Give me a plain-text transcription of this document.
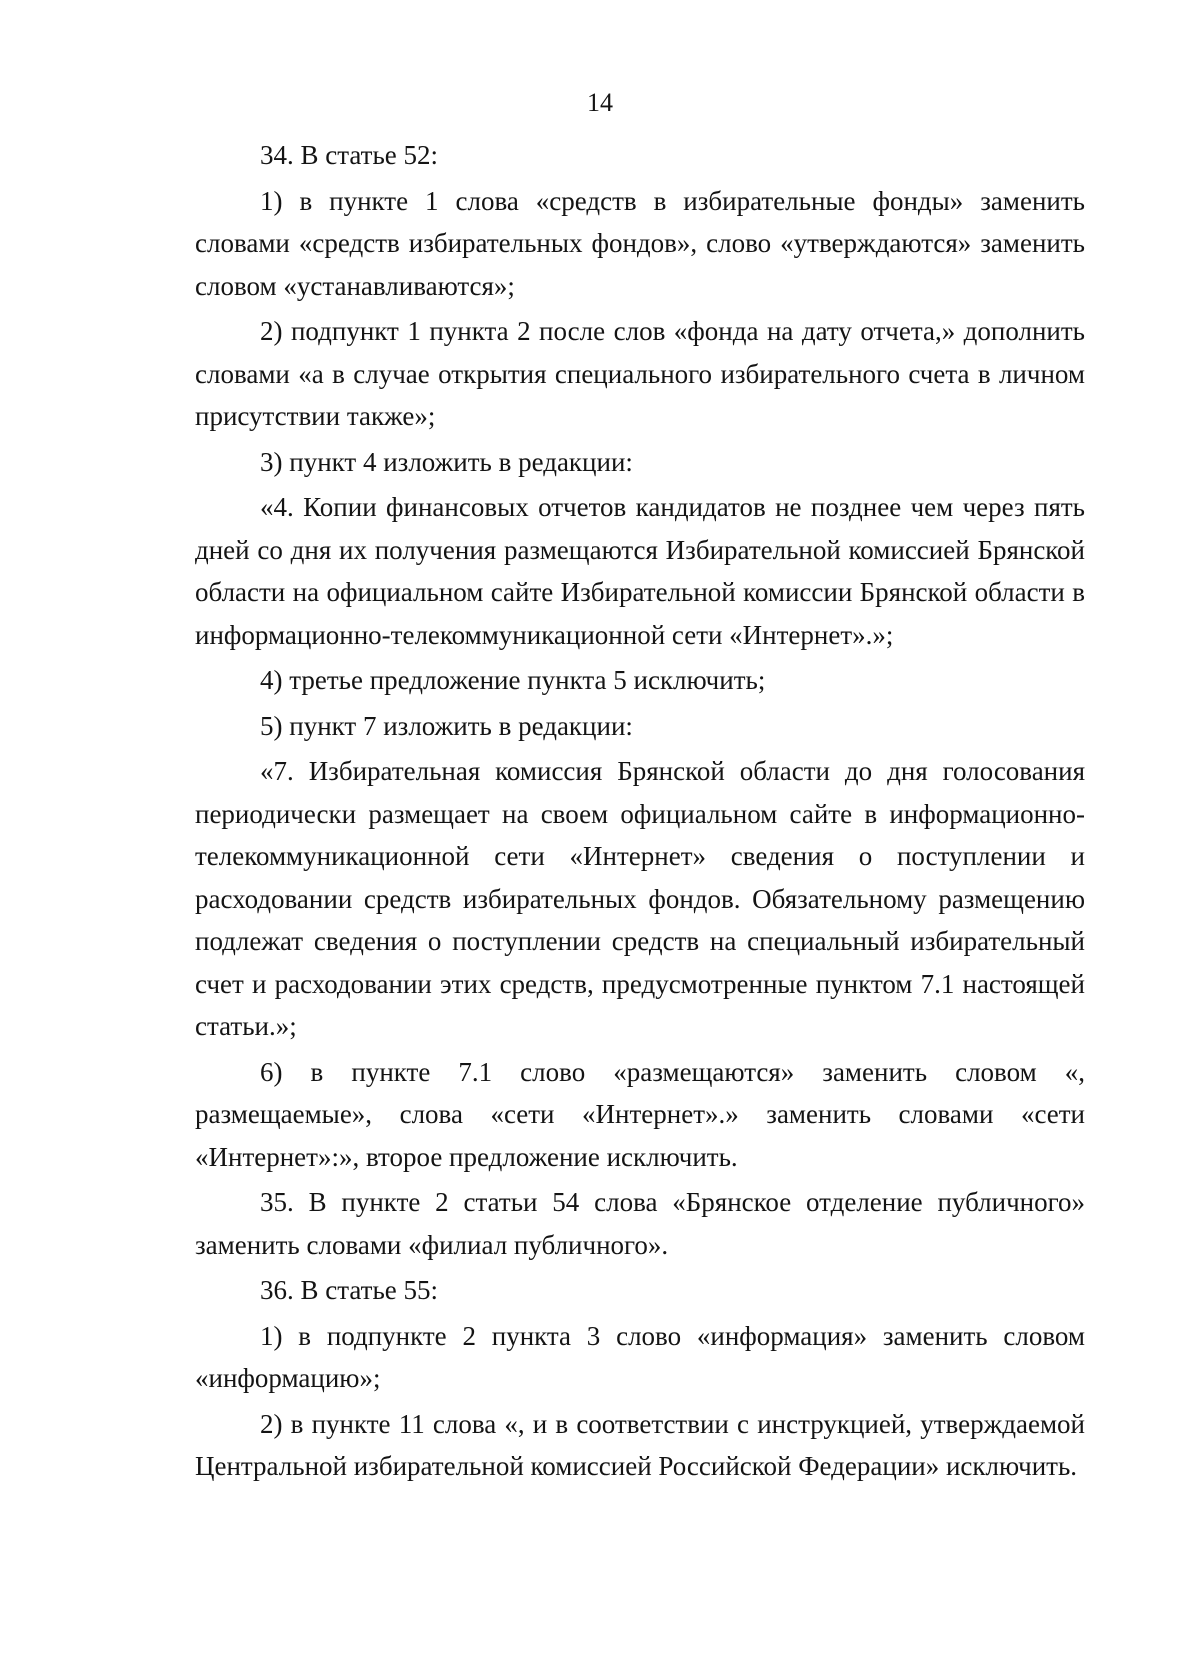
14

34. В статье 52:

1) в пункте 1 слова «средств в избирательные фонды» заменить словами «средств избирательных фондов», слово «утверждаются» заменить словом «устанавливаются»;

2) подпункт 1 пункта 2 после слов «фонда на дату отчета,» дополнить словами «а в случае открытия специального избирательного счета в личном присутствии также»;

3) пункт 4 изложить в редакции:

«4. Копии финансовых отчетов кандидатов не позднее чем через пять дней со дня их получения размещаются Избирательной комиссией Брянской области на официальном сайте Избирательной комиссии Брянской области в информационно-телекоммуникационной сети «Интернет».»;

4) третье предложение пункта 5 исключить;

5) пункт 7 изложить в редакции:

«7. Избирательная комиссия Брянской области до дня голосования периодически размещает на своем официальном сайте в информационно-телекоммуникационной сети «Интернет» сведения о поступлении и расходовании средств избирательных фондов. Обязательному размещению подлежат сведения о поступлении средств на специальный избирательный счет и расходовании этих средств, предусмотренные пунктом 7.1 настоящей статьи.»;

6) в пункте 7.1 слово «размещаются» заменить словом «, размещаемые», слова «сети «Интернет».» заменить словами «сети «Интернет»:», второе предложение исключить.

35. В пункте 2 статьи 54 слова «Брянское отделение публичного» заменить словами «филиал публичного».

36. В статье 55:

1) в подпункте 2 пункта 3 слово «информация» заменить словом «информацию»;

2) в пункте 11 слова «, и в соответствии с инструкцией, утверждаемой Центральной избирательной комиссией Российской Федерации» исключить.
